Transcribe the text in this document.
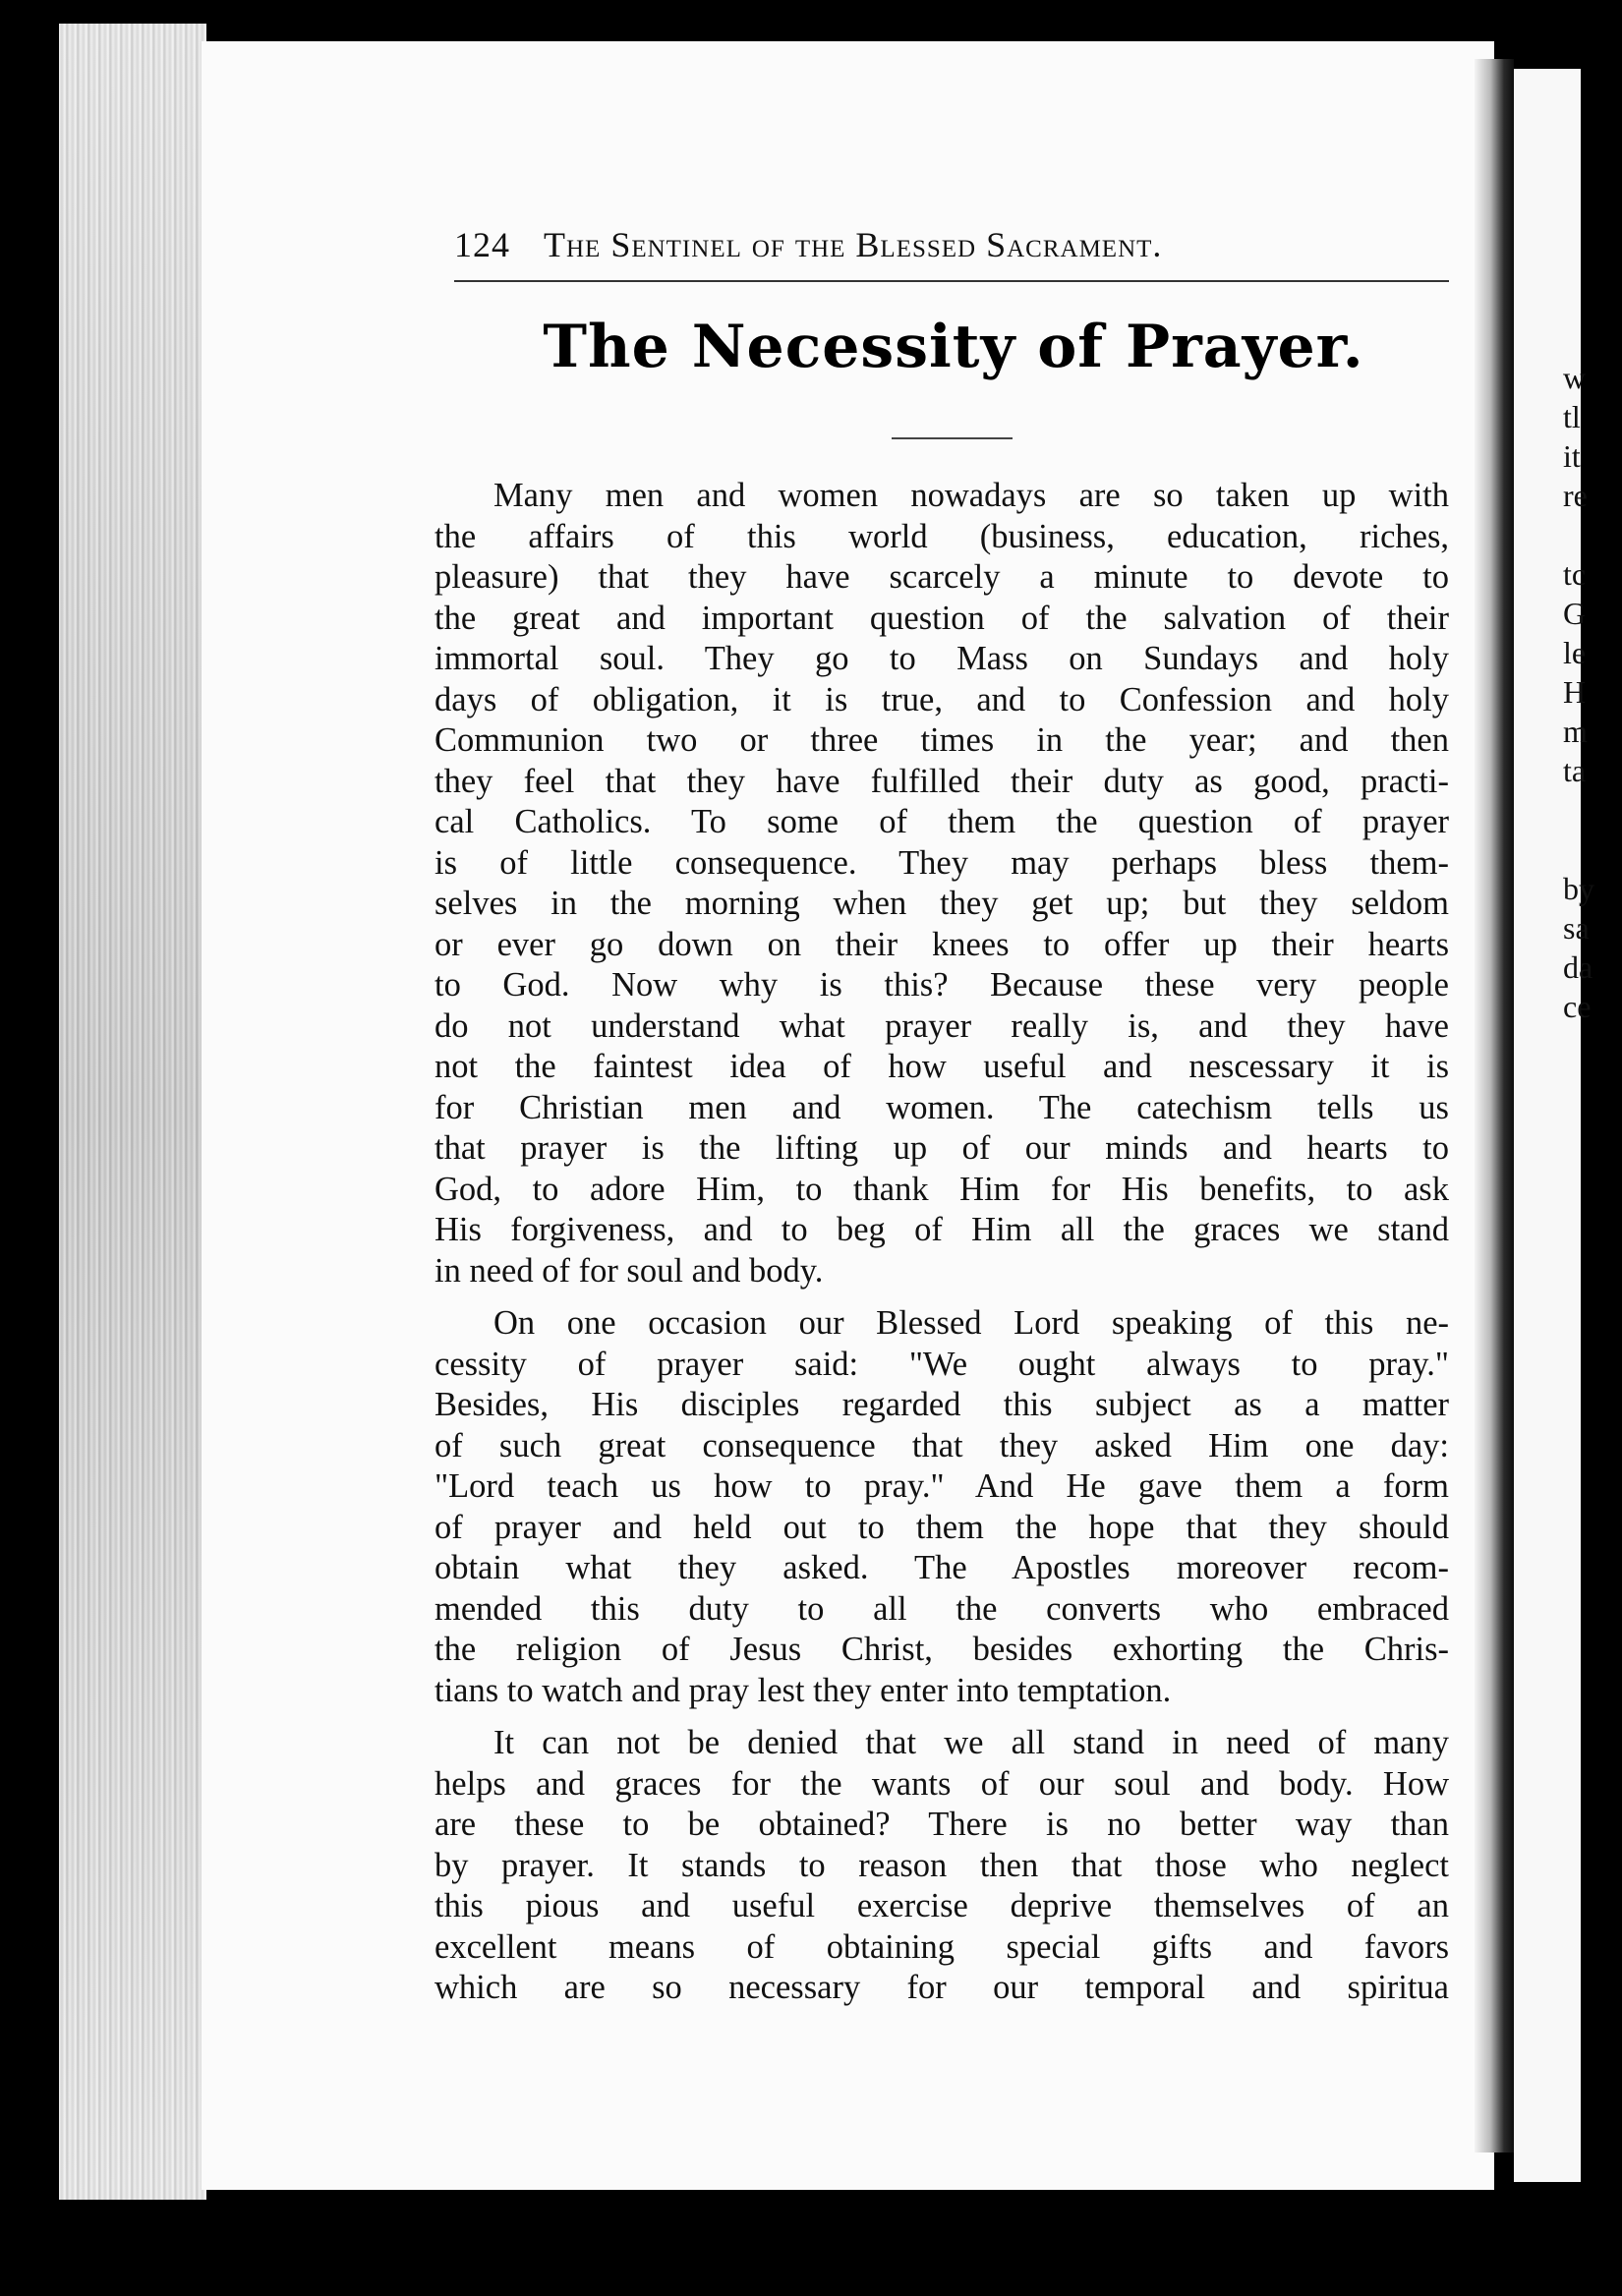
124 The Sentinel of the Blessed Sacrament.
The Necessity of Prayer.

Many men and women nowadays are so taken up with
the affairs of this world (business, education, riches,
pleasure) that they have scarcely a minute to devote to
the great and important question of the salvation of their
immortal soul. They go to Mass on Sundays and holy
days of obligation, it is true, and to Confession and holy
Communion two or three times in the year; and then
they feel that they have fulfilled their duty as good, practi-
cal Catholics. To some of them the question of prayer
is of little consequence. They may perhaps bless them-
selves in the morning when they get up; but they seldom
or ever go down on their knees to offer up their hearts
to God. Now why is this? Because these very people
do not understand what prayer really is, and they have
not the faintest idea of how useful and nescessary it is
for Christian men and women. The catechism tells us
that prayer is the lifting up of our minds and hearts to
God, to adore Him, to thank Him for His benefits, to ask
His forgiveness, and to beg of Him all the graces we stand
in need of for soul and body.

On one occasion our Blessed Lord speaking of this ne-
cessity of prayer said: "We ought always to pray."
Besides, His disciples regarded this subject as a matter
of such great consequence that they asked Him one day:
"Lord teach us how to pray." And He gave them a form
of prayer and held out to them the hope that they should
obtain what they asked. The Apostles moreover recom-
mended this duty to all the converts who embraced
the religion of Jesus Christ, besides exhorting the Chris-
tians to watch and pray lest they enter into temptation.

It can not be denied that we all stand in need of many
helps and graces for the wants of our soul and body. How
are these to be obtained? There is no better way than
by prayer. It stands to reason then that those who neglect
this pious and useful exercise deprive themselves of an
excellent means of obtaining special gifts and favors
which are so necessary for our temporal and spiritua

w
tl
it
re
tc
G
le
H
m
ta
by
sa
da
ce
